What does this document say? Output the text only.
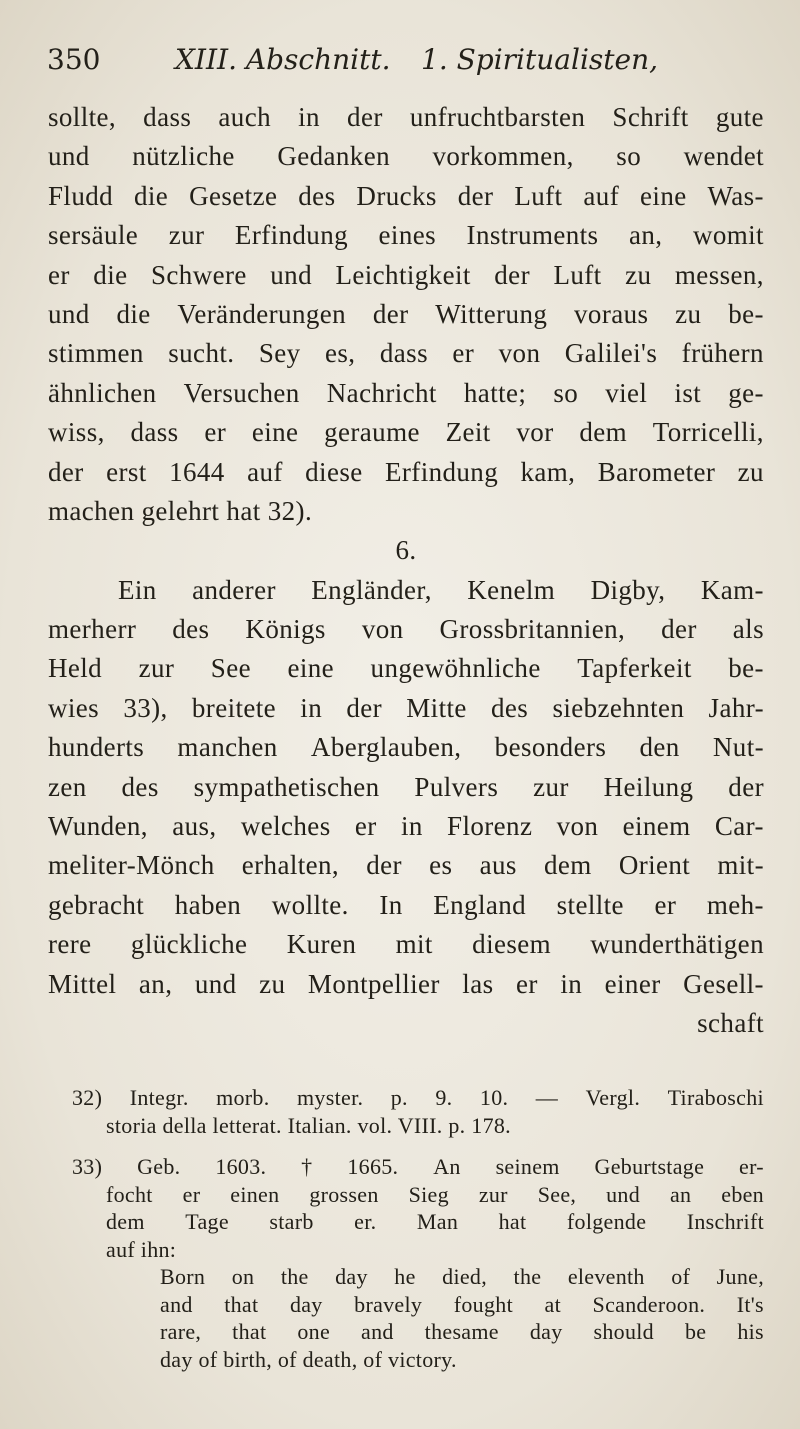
350	XIII. Abschnitt. 1. Spiritualisten,
sollte, dass auch in der unfruchtbarsten Schrift gute
und nützliche Gedanken vorkommen, so wendet
Fludd die Gesetze des Drucks der Luft auf eine Was-
sersäule zur Erfindung eines Instruments an, womit
er die Schwere und Leichtigkeit der Luft zu messen,
und die Veränderungen der Witterung voraus zu be-
stimmen sucht. Sey es, dass er von Galilei's frühern
ähnlichen Versuchen Nachricht hatte; so viel ist ge-
wiss, dass er eine geraume Zeit vor dem Torricelli,
der erst 1644 auf diese Erfindung kam, Barometer zu
machen gelehrt hat 32).
6.
Ein anderer Engländer, Kenelm Digby, Kam-
merherr des Königs von Grossbritannien, der als
Held zur See eine ungewöhnliche Tapferkeit be-
wies 33), breitete in der Mitte des siebzehnten Jahr-
hunderts manchen Aberglauben, besonders den Nut-
zen des sympathetischen Pulvers zur Heilung der
Wunden, aus, welches er in Florenz von einem Car-
meliter-Mönch erhalten, der es aus dem Orient mit-
gebracht haben wollte. In England stellte er meh-
rere glückliche Kuren mit diesem wunderthätigen
Mittel an, und zu Montpellier las er in einer Gesell-
schaft
32) Integr. morb. myster. p. 9. 10. — Vergl. Tiraboschi
storia della letterat. Italian. vol. VIII. p. 178.
33) Geb. 1603. † 1665. An seinem Geburtstage er-
focht er einen grossen Sieg zur See, und an eben
dem Tage starb er. Man hat folgende Inschrift
auf ihn:
Born on the day he died, the eleventh of June,
and that day bravely fought at Scanderoon. It's
rare, that one and thesame day should be his
day of birth, of death, of victory.
